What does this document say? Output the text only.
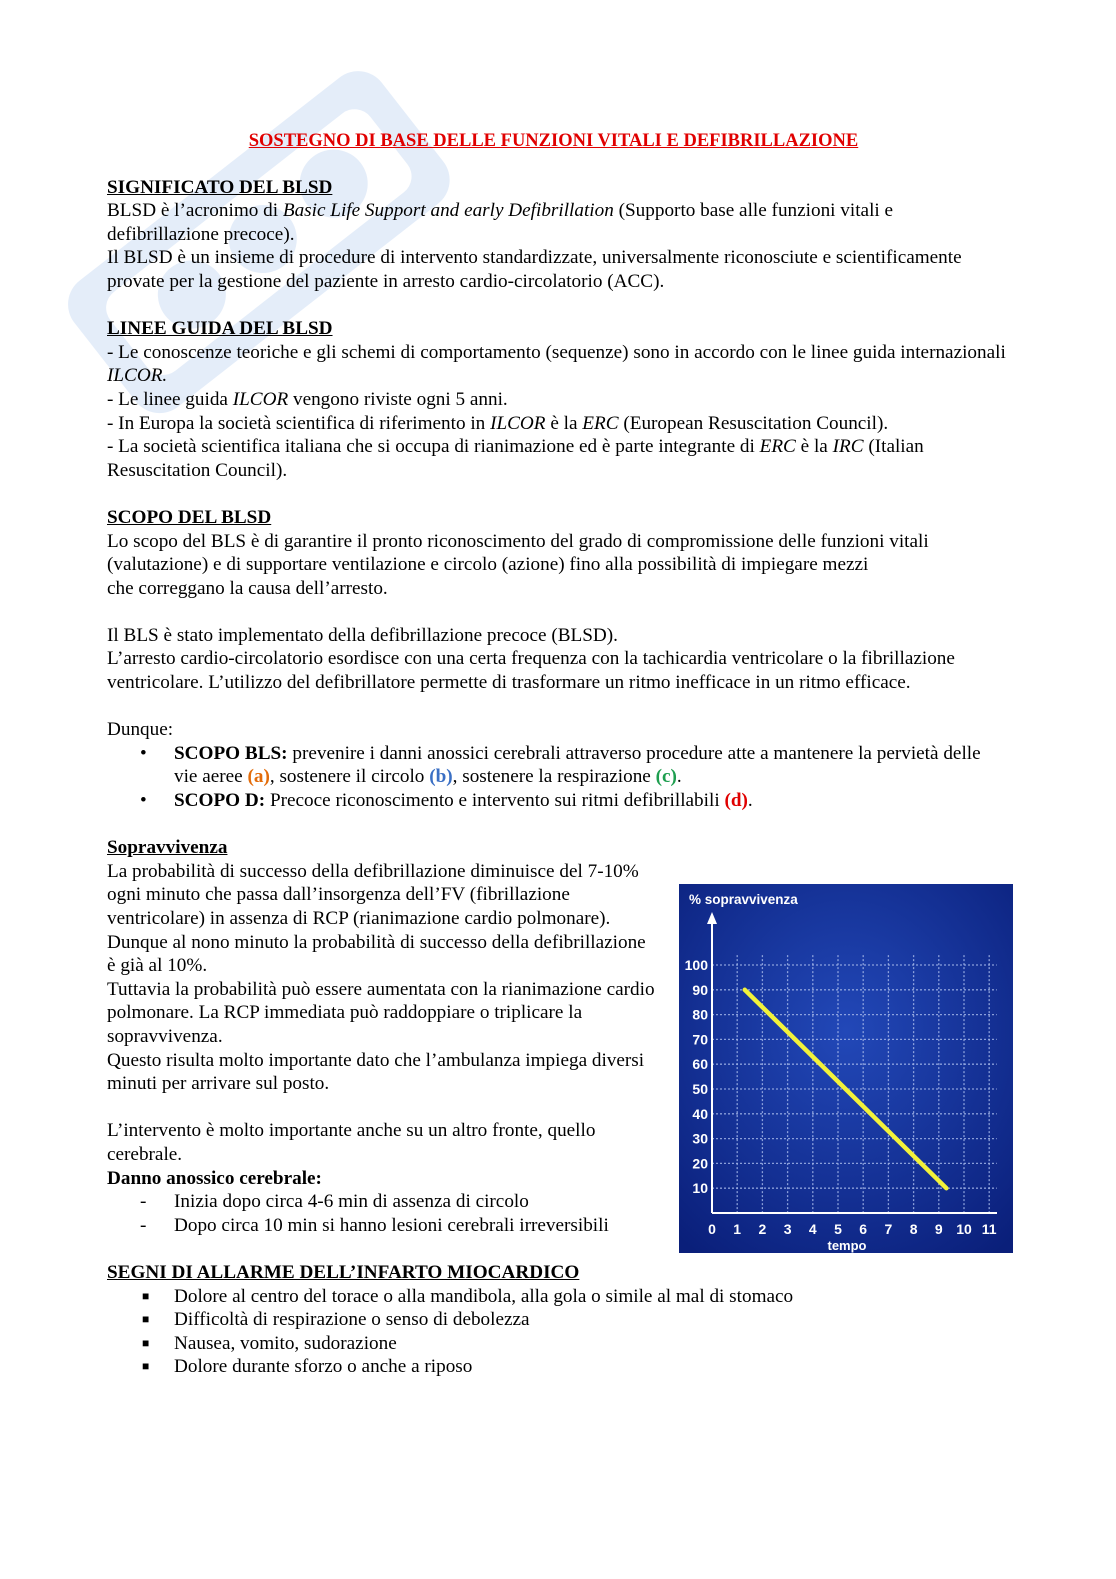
SOSTEGNO DI BASE DELLE FUNZIONI VITALI E DEFIBRILLAZIONE
SIGNIFICATO DEL BLSD

BLSD è l’acronimo di Basic Life Support and early Defibrillation (Supporto base alle funzioni vitali e defibrillazione precoce).

Il BLSD è un insieme di procedure di intervento standardizzate, universalmente riconosciute e scientificamente provate per la gestione del paziente in arresto cardio-circolatorio (ACC).

LINEE GUIDA DEL BLSD

- Le conoscenze teoriche e gli schemi di comportamento (sequenze) sono in accordo con le linee guida internazionali ILCOR.

- Le linee guida ILCOR vengono riviste ogni 5 anni.

- In Europa la società scientifica di riferimento in ILCOR è la ERC (European Resuscitation Council).

- La società scientifica italiana che si occupa di rianimazione ed è parte integrante di ERC è la IRC (Italian Resuscitation Council).

SCOPO DEL BLSD

Lo scopo del BLS è di garantire il pronto riconoscimento del grado di compromissione delle funzioni vitali
(valutazione) e di supportare ventilazione e circolo (azione) fino alla possibilità di impiegare mezzi
che correggano la causa dell’arresto.

Il BLS è stato implementato della defibrillazione precoce (BLSD).

L’arresto cardio-circolatorio esordisce con una certa frequenza con la tachicardia ventricolare o la fibrillazione ventricolare. L’utilizzo del defibrillatore permette di trasformare un ritmo inefficace in un ritmo efficace.

Dunque:

• SCOPO BLS: prevenire i danni anossici cerebrali attraverso procedure atte a mantenere la pervietà delle vie aeree (a), sostenere il circolo (b), sostenere la respirazione (c).
• SCOPO D: Precoce riconoscimento e intervento sui ritmi defibrillabili (d).
Sopravvivenza

La probabilità di successo della defibrillazione diminuisce del 7-10% ogni minuto che passa dall’insorgenza dell’FV (fibrillazione ventricolare) in assenza di RCP (rianimazione cardio polmonare).

Dunque al nono minuto la probabilità di successo della defibrillazione è già al 10%.

Tuttavia la probabilità può essere aumentata con la rianimazione cardio polmonare. La RCP immediata può raddoppiare o triplicare la sopravvivenza.

Questo risulta molto importante dato che l’ambulanza impiega diversi minuti per arrivare sul posto.

L’intervento è molto importante anche su un altro fronte, quello cerebrale.

Danno anossico cerebrale:

- Inizia dopo circa 4-6 min di assenza di circolo
- Dopo circa 10 min si hanno lesioni cerebrali irreversibili
SEGNI DI ALLARME DELL’INFARTO MIOCARDICO
■ Dolore al centro del torace o alla mandibola, alla gola o simile al mal di stomaco
■ Difficoltà di respirazione o senso di debolezza
■ Nausea, vomito, sudorazione
■ Dolore durante sforzo o anche a riposo
% sopravvivenza
tempo
10
20
30
40
50
60
70
80
90
100
0 1 2 3 4 5 6 7 8 9 10 11
